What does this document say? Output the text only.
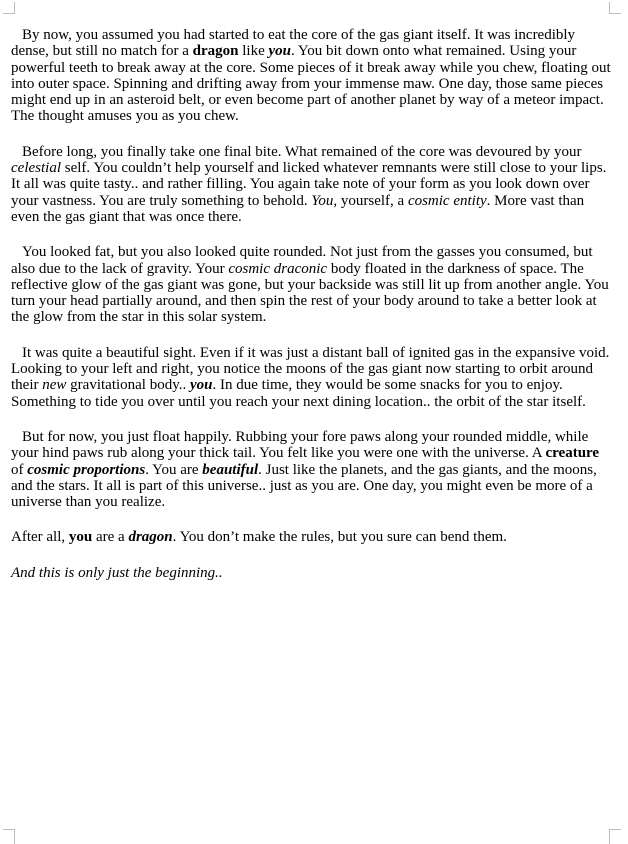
By now, you assumed you had started to eat the core of the gas giant itself. It was incredibly dense, but still no match for a dragon like you. You bit down onto what remained. Using your powerful teeth to break away at the core. Some pieces of it break away while you chew, floating out into outer space. Spinning and drifting away from your immense maw. One day, those same pieces might end up in an asteroid belt, or even become part of another planet by way of a meteor impact. The thought amuses you as you chew.

Before long, you finally take one final bite. What remained of the core was devoured by your celestial self. You couldn’t help yourself and licked whatever remnants were still close to your lips. It all was quite tasty.. and rather filling. You again take note of your form as you look down over your vastness. You are truly something to behold. You, yourself, a cosmic entity. More vast than even the gas giant that was once there.

You looked fat, but you also looked quite rounded. Not just from the gasses you consumed, but also due to the lack of gravity. Your cosmic draconic body floated in the darkness of space. The reflective glow of the gas giant was gone, but your backside was still lit up from another angle. You turn your head partially around, and then spin the rest of your body around to take a better look at the glow from the star in this solar system.

It was quite a beautiful sight. Even if it was just a distant ball of ignited gas in the expansive void. Looking to your left and right, you notice the moons of the gas giant now starting to orbit around their new gravitational body.. you. In due time, they would be some snacks for you to enjoy. Something to tide you over until you reach your next dining location.. the orbit of the star itself.

But for now, you just float happily. Rubbing your fore paws along your rounded middle, while your hind paws rub along your thick tail. You felt like you were one with the universe. A creature of cosmic proportions. You are beautiful. Just like the planets, and the gas giants, and the moons, and the stars. It all is part of this universe.. just as you are. One day, you might even be more of a universe than you realize.

After all, you are a dragon. You don’t make the rules, but you sure can bend them.

And this is only just the beginning..
